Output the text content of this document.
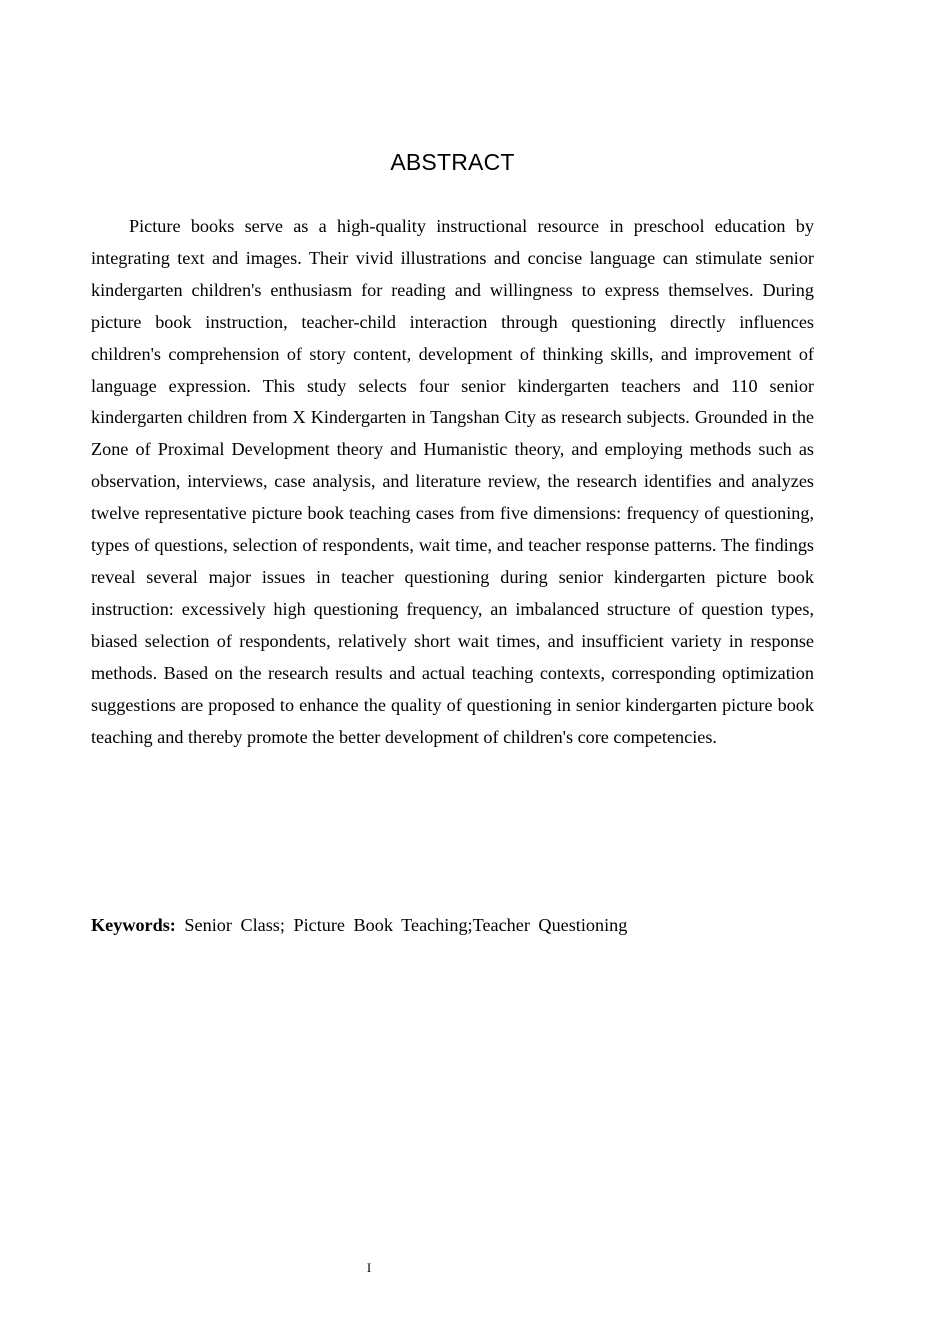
ABSTRACT

Picture books serve as a high-quality instructional resource in preschool education by integrating text and images. Their vivid illustrations and concise language can stimulate senior kindergarten children's enthusiasm for reading and willingness to express themselves. During picture book instruction, teacher-child interaction through questioning directly influences children's comprehension of story content, development of thinking skills, and improvement of language expression. This study selects four senior kindergarten teachers and 110 senior kindergarten children from X Kindergarten in Tangshan City as research subjects. Grounded in the Zone of Proximal Development theory and Humanistic theory, and employing methods such as observation, interviews, case analysis, and literature review, the research identifies and analyzes twelve representative picture book teaching cases from five dimensions: frequency of questioning, types of questions, selection of respondents, wait time, and teacher response patterns. The findings reveal several major issues in teacher questioning during senior kindergarten picture book instruction: excessively high questioning frequency, an imbalanced structure of question types, biased selection of respondents, relatively short wait times, and insufficient variety in response methods. Based on the research results and actual teaching contexts, corresponding optimization suggestions are proposed to enhance the quality of questioning in senior kindergarten picture book teaching and thereby promote the better development of children's core competencies.

Keywords: Senior Class; Picture Book Teaching;Teacher Questioning
I
